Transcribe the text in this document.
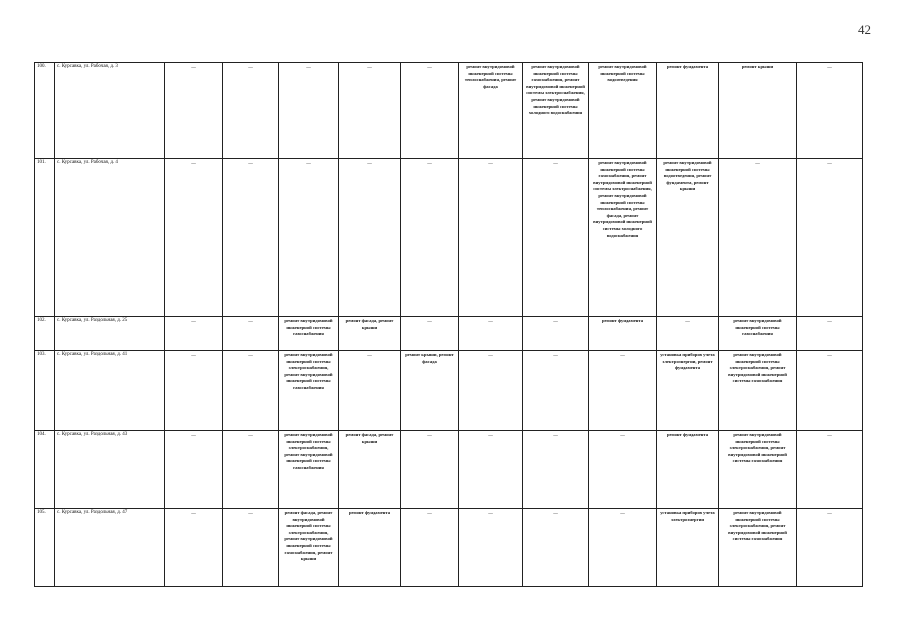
42
100.	с. Курсавка, ул. Рабочая, д. 3	—	—	—	—	—	ремонт внутридомовой инженерной системы теплоснабжения, ремонт фасада	ремонт внутридомовой инженерной системы газоснабжения, ремонт внутридомовой инженерной системы электроснабжения, ремонт внутридомовой инженерной системы холодного водоснабжения	ремонт внутридомовой инженерной системы водоотведения	ремонт фундамента	ремонт крыши	—
101.	с. Курсавка, ул. Рабочая, д. 4	—	—	—	—	—	—	—	ремонт внутридомовой инженерной системы газоснабжения, ремонт внутридомовой инженерной системы электроснабжения, ремонт внутридомовой инженерной системы теплоснабжения, ремонт фасада, ремонт внутридомовой инженерной системы холодного водоснабжения	ремонт внутридомовой инженерной системы водоотведения, ремонт фундамента, ремонт крыши	—	—
102.	с. Курсавка, ул. Раздольная, д. 25	—	—	ремонт внутридомовой инженерной системы газоснабжения	ремонт фасада, ремонт крыши	—	—	—	ремонт фундамента	—	ремонт внутридомовой инженерной системы газоснабжения	—
103.	с. Курсавка, ул. Раздольная, д. 41	—	—	ремонт внутридомовой инженерной системы электроснабжения, ремонт внутридомовой инженерной системы газоснабжения	—	ремонт крыши, ремонт фасада	—	—	—	установка приборов учета электроэнергии, ремонт фундамента	ремонт внутридомовой инженерной системы электроснабжения, ремонт внутридомовой инженерной системы газоснабжения	—
104.	с. Курсавка, ул. Раздольная, д. 43	—	—	ремонт внутридомовой инженерной системы электроснабжения, ремонт внутридомовой инженерной системы газоснабжения	ремонт фасада, ремонт крыши	—	—	—	—	ремонт фундамента	ремонт внутридомовой инженерной системы электроснабжения, ремонт внутридомовой инженерной системы газоснабжения	—
105.	с. Курсавка, ул. Раздольная, д. 47	—	—	ремонт фасада, ремонт внутридомовой инженерной системы электроснабжения, ремонт внутридомовой инженерной системы газоснабжения, ремонт крыши	ремонт фундамента	—	—	—	—	установка приборов учета электроэнергии	ремонт внутридомовой инженерной системы электроснабжения, ремонт внутридомовой инженерной системы газоснабжения	—
